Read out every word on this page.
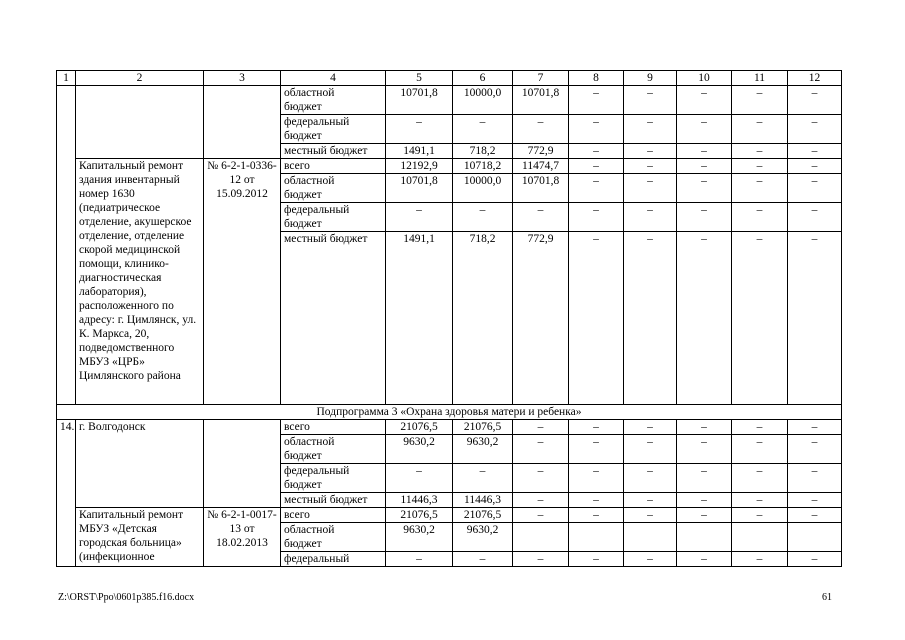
1	2	3	4	5	6	7	8	9	10	11	12
			областной
бюджет	10701,8	10000,0	10701,8	–	–	–	–	–
			федеральный
бюджет	–	–	–	–	–	–	–	–
			местный бюджет	1491,1	718,2	772,9	–	–	–	–	–
	Капитальный ремонт здания инвентарный номер 1630 (педиатрическое отделение, акушерское отделение, отделение скорой медицинской помощи, клинико-диагностическая лаборатория), расположенного по адресу: г. Цимлянск, ул. К. Маркса, 20, подведомственного МБУЗ «ЦРБ» Цимлянского района	№ 6-2-1-0336-12 от 15.09.2012	всего	12192,9	10718,2	11474,7	–	–	–	–	–
			областной
бюджет	10701,8	10000,0	10701,8	–	–	–	–	–
			федеральный
бюджет	–	–	–	–	–	–	–	–
			местный бюджет	1491,1	718,2	772,9	–	–	–	–	–
Подпрограмма 3 «Охрана здоровья матери и ребенка»											
14.	г. Волгодонск		всего	21076,5	21076,5	–	–	–	–	–	–
			областной
бюджет	9630,2	9630,2	–	–	–	–	–	–
			федеральный
бюджет	–	–	–	–	–	–	–	–
			местный бюджет	11446,3	11446,3	–	–	–	–	–	–
	Капитальный ремонт МБУЗ «Детская городская больница» (инфекционное	№ 6-2-1-0017-13 от 18.02.2013	всего	21076,5	21076,5	–	–	–	–	–	–
			областной
бюджет	9630,2	9630,2						
			федеральный	–	–	–	–	–	–	–	–
Z:\ORST\Ppo\0601p385.f16.docx	61
